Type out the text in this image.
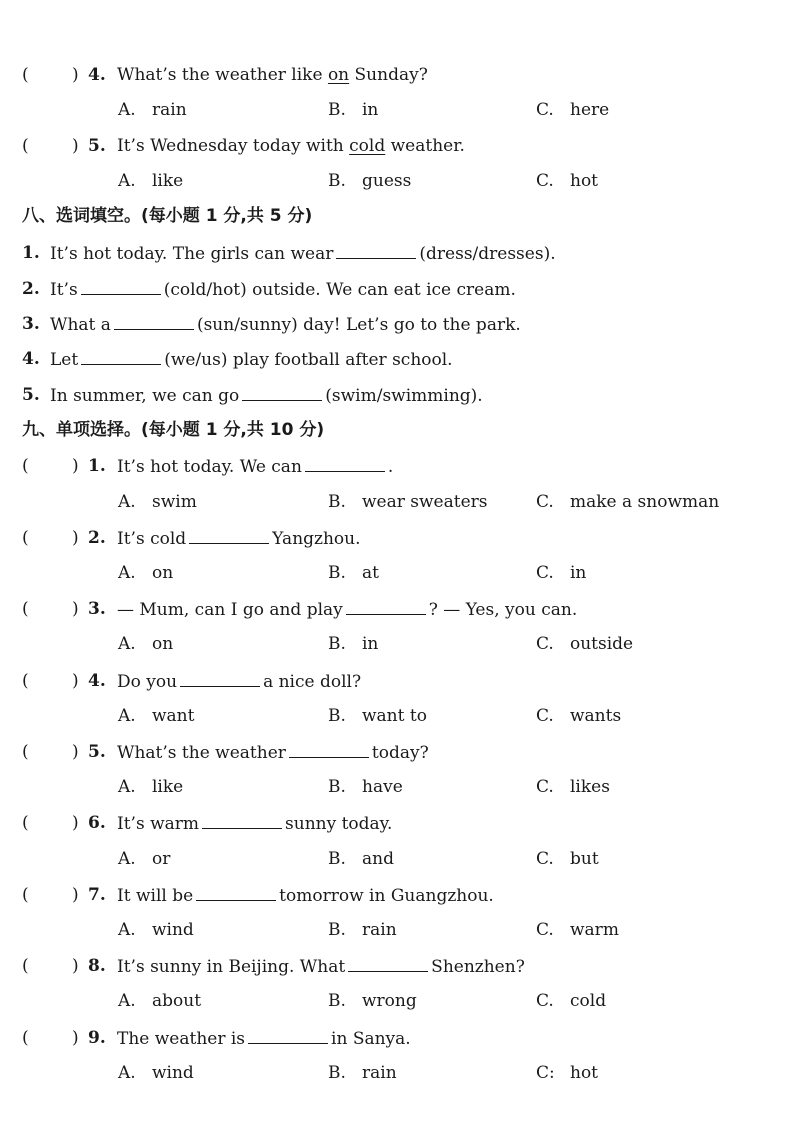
(	) 4. What’s the weather like on Sunday?
A. rain	B. in	C. here
(	) 5. It’s Wednesday today with cold weather.
A. like	B. guess	C. hot
八、选词填空。(每小题 1 分,共 5 分)
1. It’s hot today. The girls can wear	(dress/dresses).
2. It’s	(cold/hot) outside. We can eat ice cream.
3. What a	(sun/sunny) day! Let’s go to the park.
4. Let	(we/us) play football after school.
5. In summer, we can go	(swim/swimming).
九、单项选择。(每小题 1 分,共 10 分)
(	) 1. It’s hot today. We can	.
A. swim	B. wear sweaters	C. make a snowman
(	) 2. It’s cold	Yangzhou.
A. on	B. at	C. in
(	) 3. — Mum, can I go and play	? — Yes, you can.
A. on	B. in	C. outside
(	) 4. Do you	a nice doll?
A. want	B. want to	C. wants
(	) 5. What’s the weather	today?
A. like	B. have	C. likes
(	) 6. It’s warm	sunny today.
A. or	B. and	C. but
(	) 7. It will be	tomorrow in Guangzhou.
A. wind	B. rain	C. warm
(	) 8. It’s sunny in Beijing. What	Shenzhen?
A. about	B. wrong	C. cold
(	) 9. The weather is	in Sanya.
A. wind	B. rain	C: hot
